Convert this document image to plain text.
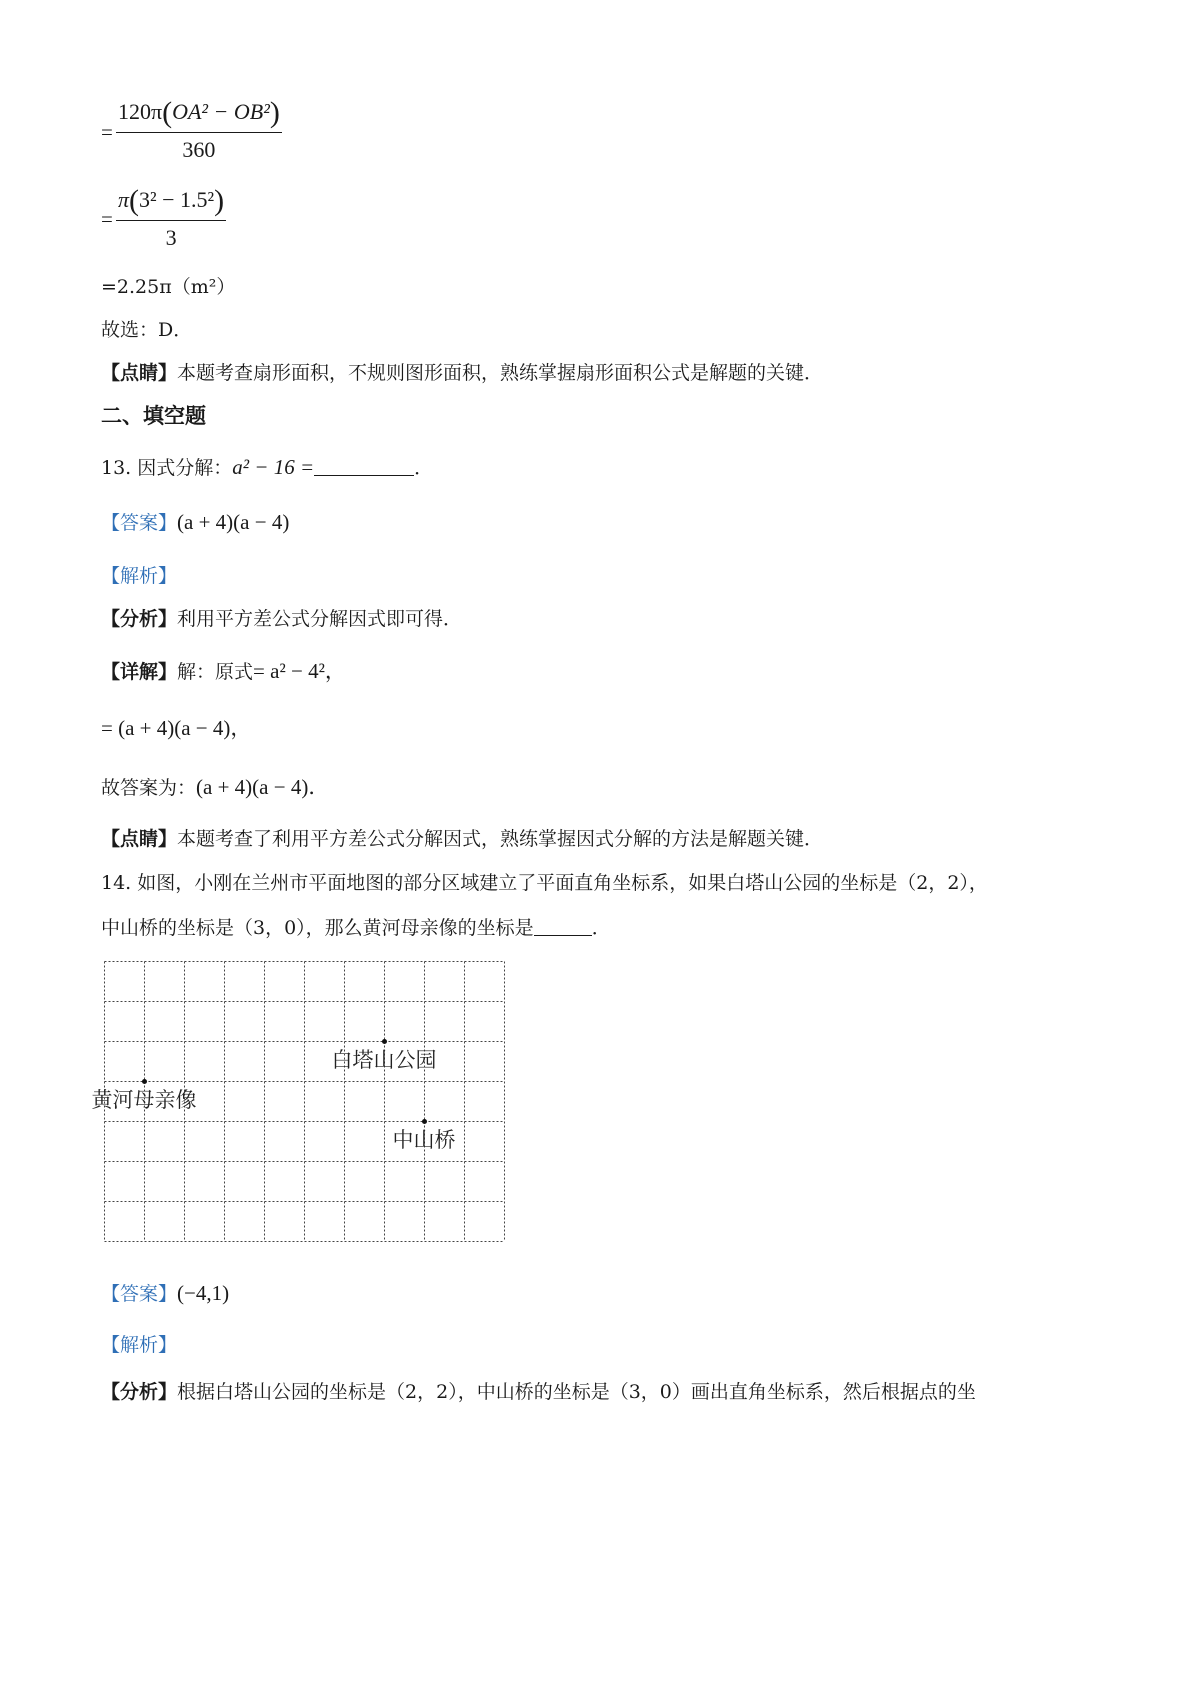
=
120π(OA² − OB²)
360
=
π(3² − 1.5²)
3
=2.25π（m²）
故选：D．
【点睛】本题考查扇形面积，不规则图形面积，熟练掌握扇形面积公式是解题的关键．
二、填空题
13. 因式分解：a² − 16 =	．
【答案】(a + 4)(a − 4)
【解析】
【分析】利用平方差公式分解因式即可得．
【详解】解：原式= a² − 4²，
= (a + 4)(a − 4)，
故答案为：(a + 4)(a − 4)．
【点睛】本题考查了利用平方差公式分解因式，熟练掌握因式分解的方法是解题关键．
14. 如图，小刚在兰州市平面地图的部分区域建立了平面直角坐标系，如果白塔山公园的坐标是（2，2），
中山桥的坐标是（3，0），那么黄河母亲像的坐标是	．
白塔山公园
黄河母亲像
中山桥
【答案】(−4,1)
【解析】
【分析】根据白塔山公园的坐标是（2，2），中山桥的坐标是（3，0）画出直角坐标系，然后根据点的坐
